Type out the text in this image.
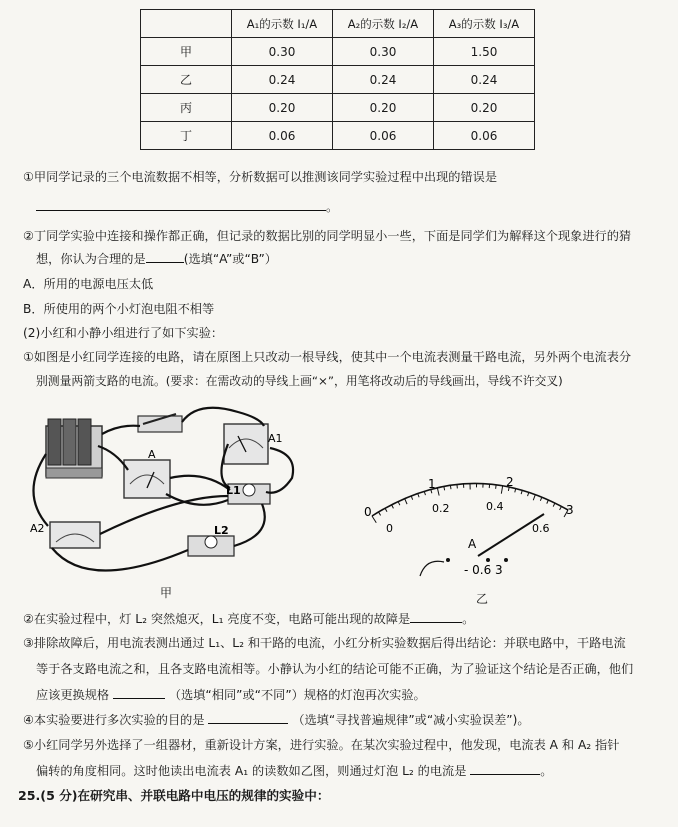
	A₁的示数 I₁/A	A₂的示数 I₂/A	A₃的示数 I₃/A
甲	0.30	0.30	1.50
乙	0.24	0.24	0.24
丙	0.20	0.20	0.20
丁	0.06	0.06	0.06
①甲同学记录的三个电流数据不相等，分析数据可以推测该同学实验过程中出现的错误是
。
②丁同学实验中连接和操作都正确，但记录的数据比别的同学明显小一些，下面是同学们为解释这个现象进行的猜
想，你认为合理的是	(选填“A”或“B”）
A．所用的电源电压太低
B．所使用的两个小灯泡电阻不相等
(2)小红和小静小组进行了如下实验：
①如图是小红同学连接的电路，请在原图上只改动一根导线，使其中一个电流表测量干路电流，另外两个电流表分
别测量两箭支路的电流。(要求：在需改动的导线上画“×”，用笔将改动后的导线画出，导线不许交叉)
A1
A
A2
L1
L2
甲
0
1	2
3
0
0.2	0.4
0.6
A
- 0.6 3
乙
②在实验过程中，灯 L₂ 突然熄灭，L₁ 亮度不变，电路可能出现的故障是	。
③排除故障后，用电流表测出通过 L₁、L₂ 和干路的电流，小红分析实验数据后得出结论：并联电路中，干路电流
等于各支路电流之和，且各支路电流相等。小静认为小红的结论可能不正确，为了验证这个结论是否正确，他们
应该更换规格	（选填“相同”或“不同”）规格的灯泡再次实验。
④本实验要进行多次实验的目的是	（选填“寻找普遍规律”或“减小实验误差”)。
⑤小红同学另外选择了一组器材，重新设计方案，进行实验。在某次实验过程中，他发现，电流表 A 和 A₂ 指针
偏转的角度相同。这时他读出电流表 A₁ 的读数如乙图，则通过灯泡 L₂ 的电流是	。
25.(5 分)在研究串、并联电路中电压的规律的实验中：
